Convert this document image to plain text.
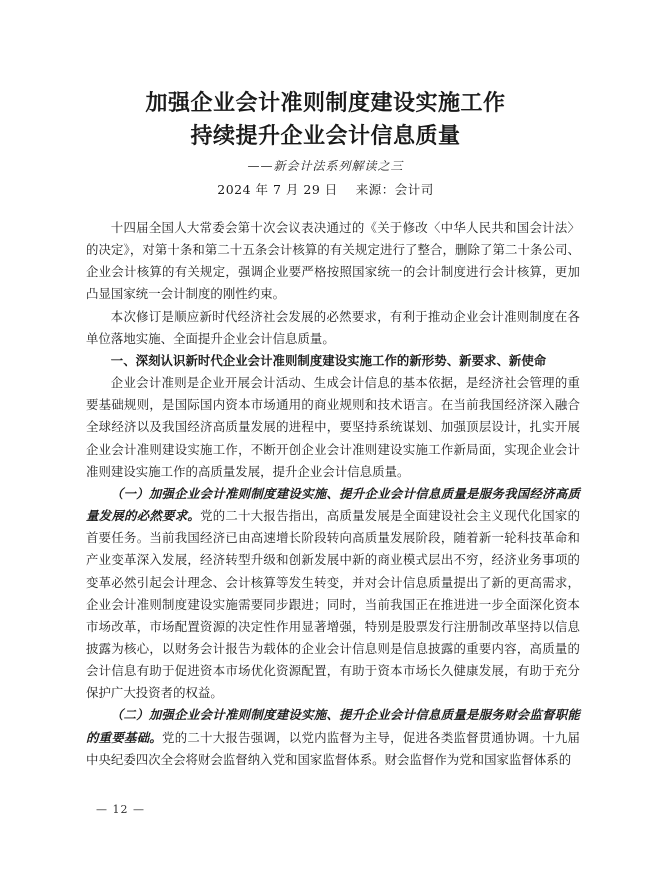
加强企业会计准则制度建设实施工作
持续提升企业会计信息质量
——新会计法系列解读之三
2024 年 7 月 29 日 来源：会计司

十四届全国人大常委会第十次会议表决通过的《关于修改〈中华人民共和国会计法〉的决定》，对第十条和第二十五条会计核算的有关规定进行了整合，删除了第二十条公司、企业会计核算的有关规定，强调企业要严格按照国家统一的会计制度进行会计核算，更加凸显国家统一会计制度的刚性约束。

本次修订是顺应新时代经济社会发展的必然要求，有利于推动企业会计准则制度在各单位落地实施、全面提升企业会计信息质量。

一、深刻认识新时代企业会计准则制度建设实施工作的新形势、新要求、新使命

企业会计准则是企业开展会计活动、生成会计信息的基本依据，是经济社会管理的重要基础规则，是国际国内资本市场通用的商业规则和技术语言。在当前我国经济深入融合全球经济以及我国经济高质量发展的进程中，要坚持系统谋划、加强顶层设计，扎实开展企业会计准则建设实施工作，不断开创企业会计准则建设实施工作新局面，实现企业会计准则建设实施工作的高质量发展，提升企业会计信息质量。

（一）加强企业会计准则制度建设实施、提升企业会计信息质量是服务我国经济高质量发展的必然要求。党的二十大报告指出，高质量发展是全面建设社会主义现代化国家的首要任务。当前我国经济已由高速增长阶段转向高质量发展阶段，随着新一轮科技革命和产业变革深入发展，经济转型升级和创新发展中新的商业模式层出不穷，经济业务事项的变革必然引起会计理念、会计核算等发生转变，并对会计信息质量提出了新的更高需求，企业会计准则制度建设实施需要同步跟进；同时，当前我国正在推进进一步全面深化资本市场改革，市场配置资源的决定性作用显著增强，特别是股票发行注册制改革坚持以信息披露为核心，以财务会计报告为载体的企业会计信息则是信息披露的重要内容，高质量的会计信息有助于促进资本市场优化资源配置，有助于资本市场长久健康发展，有助于充分保护广大投资者的权益。

（二）加强企业会计准则制度建设实施、提升企业会计信息质量是服务财会监督职能的重要基础。党的二十大报告强调，以党内监督为主导，促进各类监督贯通协调。十九届中央纪委四次全会将财会监督纳入党和国家监督体系。财会监督作为党和国家监督体系的

— 12 —
